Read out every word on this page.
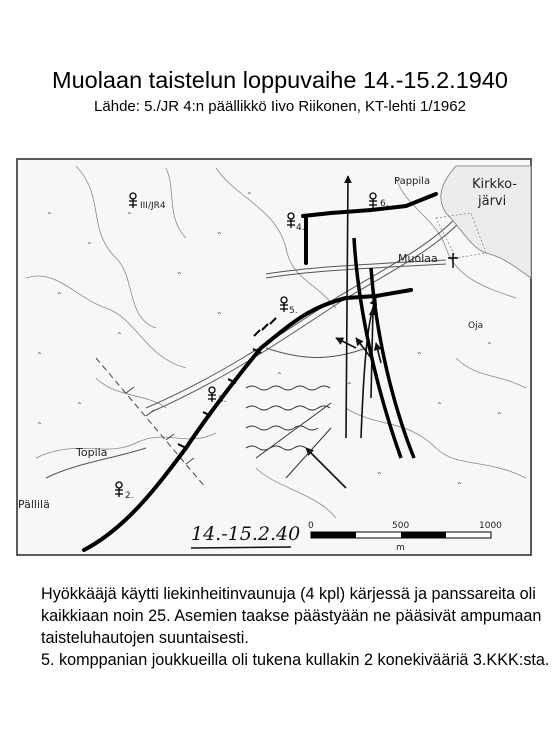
Muolaan taistelun loppuvaihe 14.-15.2.1940
Lähde: 5./JR 4:n päällikkö Iivo Riikonen, KT-lehti 1/1962
⌃
⌃
⌃
⌃
⌃
⌃
⌃
⌃
⌃
⌃
⌃
⌃
⌃
⌃
⌃
⌃
⌃
⌃
⌃
⌃
⌃
Pappila	Kirkko-
järvi
Muolaa
Topila
Pällilä
Oja
III/JR4	6.
4.
5.
3.
2.
14.-15.2.40 0	500	1000
m

Hyökkääjä käytti liekinheitinvaunuja (4 kpl) kärjessä ja panssareita oli kaikkiaan noin 25. Asemien taakse päästyään ne pääsivät ampumaan taisteluhautojen suuntaisesti.

5. komppanian joukkueilla oli tukena kullakin 2 konekivääriä 3.KKK:sta.
